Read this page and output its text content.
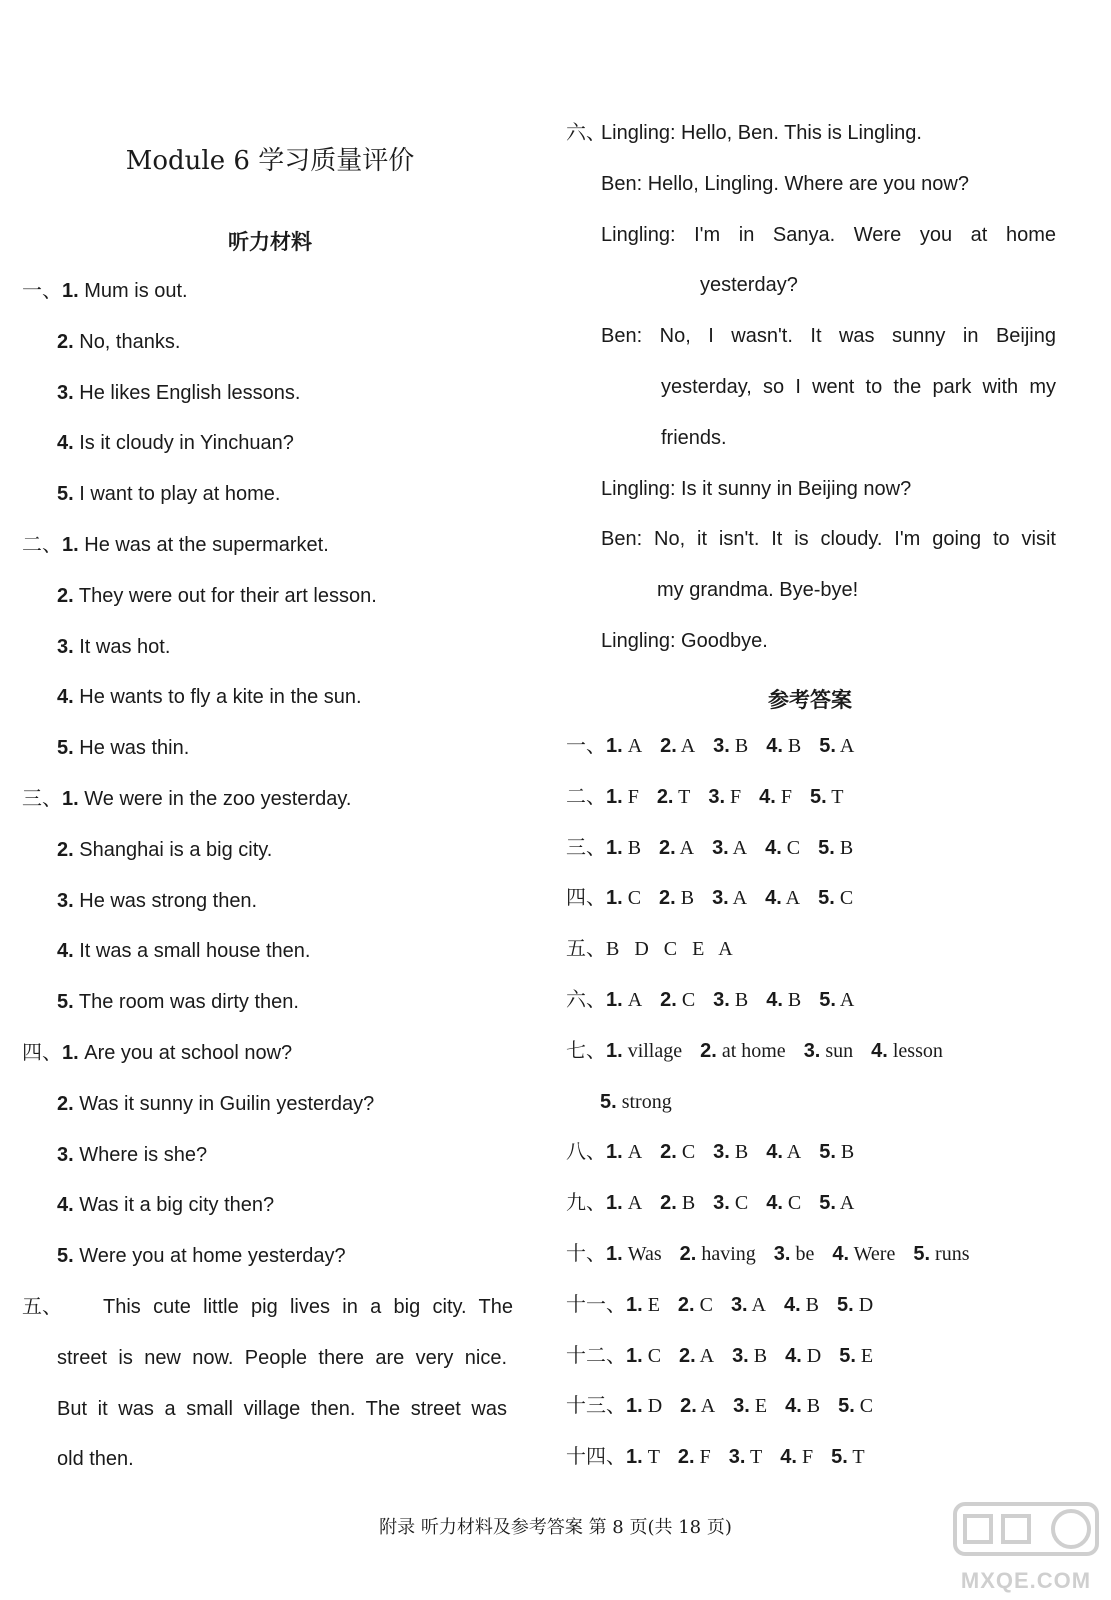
Module 6 学习质量评价
听力材料
一、1. Mum is out.
2. No, thanks.
3. He likes English lessons.
4. Is it cloudy in Yinchuan?
5. I want to play at home.
二、1. He was at the supermarket.
2. They were out for their art lesson.
3. It was hot.
4. He wants to fly a kite in the sun.
5. He was thin.
三、1. We were in the zoo yesterday.
2. Shanghai is a big city.
3. He was strong then.
4. It was a small house then.
5. The room was dirty then.
四、1. Are you at school now?
2. Was it sunny in Guilin yesterday?
3. Where is she?
4. Was it a big city then?
5. Were you at home yesterday?
五、 This cute little pig lives in a big city. The
street is new now. People there are very nice.
But it was a small village then. The street was
old then.
六、
Lingling: Hello, Ben. This is Lingling.
Ben: Hello, Lingling. Where are you now?
Lingling: I'm in Sanya. Were you at home
yesterday?
Ben: No, I wasn't. It was sunny in Beijing
yesterday, so I went to the park with my
friends.
Lingling: Is it sunny in Beijing now?
Ben: No, it isn't. It is cloudy. I'm going to visit
my grandma. Bye-bye!
Lingling: Goodbye.
参考答案
一、1. A 2. A 3. B 4. B 5. A
二、1. F 2. T 3. F 4. F 5. T
三、1. B 2. A 3. A 4. C 5. B
四、1. C 2. B 3. A 4. A 5. C
五、B   D   C   E   A
六、1. A 2. C 3. B 4. B 5. A
七、1. village 2. at home 3. sun 4. lesson
5. strong
八、1. A 2. C 3. B 4. A 5. B
九、1. A 2. B 3. C 4. C 5. A
十、1. Was 2. having 3. be 4. Were 5. runs
十一、1. E 2. C 3. A 4. B 5. D
十二、1. C 2. A 3. B 4. D 5. E
十三、1. D 2. A 3. E 4. B 5. C
十四、1. T 2. F 3. T 4. F 5. T
附录 听力材料及参考答案 第 8 页(共 18 页)
MXQE.COM
